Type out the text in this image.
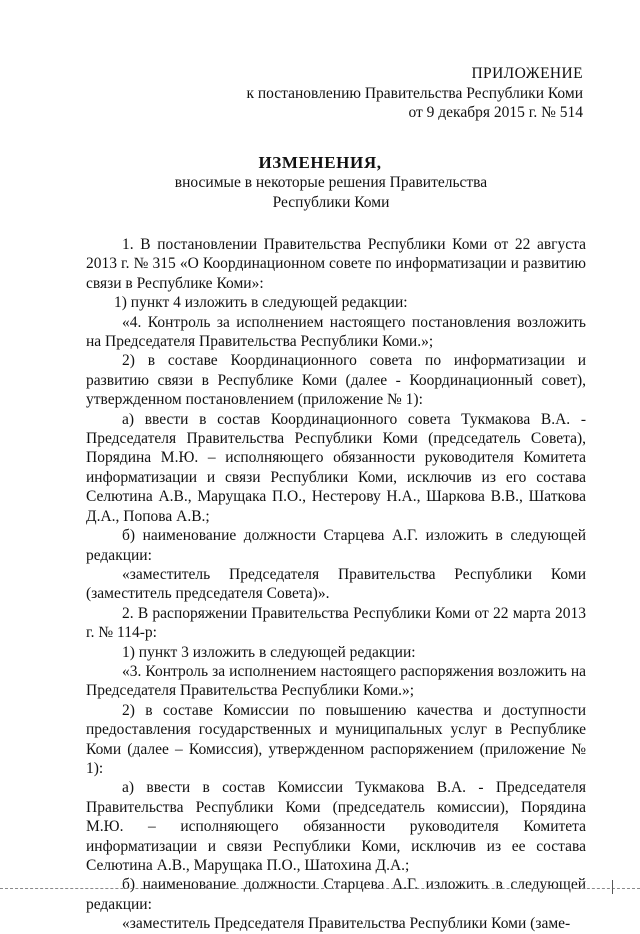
ПРИЛОЖЕНИЕ
к постановлению Правительства Республики Коми
от 9 декабря 2015 г. № 514
ИЗМЕНЕНИЯ,
вносимые в некоторые решения Правительства
Республики Коми

1. В постановлении Правительства Республики Коми от 22 августа 2013 г. № 315 «О Координационном совете по информатизации и развитию связи в Республике Коми»:

1) пункт 4 изложить в следующей редакции:

«4. Контроль за исполнением настоящего постановления возложить на Председателя Правительства Республики Коми.»;

2) в составе Координационного совета по информатизации и развитию связи в Республике Коми (далее - Координационный совет), утвержденном постановлением (приложение № 1):

а) ввести в состав Координационного совета Тукмакова В.А. - Председателя Правительства Республики Коми (председатель Совета), Порядина М.Ю. – исполняющего обязанности руководителя Комитета информатизации и связи Республики Коми, исключив из его состава Селютина А.В., Марущака П.О., Нестерову Н.А., Шаркова В.В., Шаткова Д.А., Попова А.В.;

б) наименование должности Старцева А.Г. изложить в следующей редакции:

«заместитель Председателя Правительства Республики Коми (заместитель председателя Совета)».

2. В распоряжении Правительства Республики Коми от 22 марта 2013 г. № 114-р:

1) пункт 3 изложить в следующей редакции:

«3. Контроль за исполнением настоящего распоряжения возложить на Председателя Правительства Республики Коми.»;

2) в составе Комиссии по повышению качества и доступности предоставления государственных и муниципальных услуг в Республике Коми (далее – Комиссия), утвержденном распоряжением (приложение № 1):

а) ввести в состав Комиссии Тукмакова В.А. - Председателя Правительства Республики Коми (председатель комиссии), Порядина М.Ю. – исполняющего обязанности руководителя Комитета информатизации и связи Республики Коми, исключив из ее состава Селютина А.В., Марущака П.О., Шатохина Д.А.;

б) наименование должности Старцева А.Г. изложить в следующей редакции:

«заместитель Председателя Правительства Республики Коми (заме-
